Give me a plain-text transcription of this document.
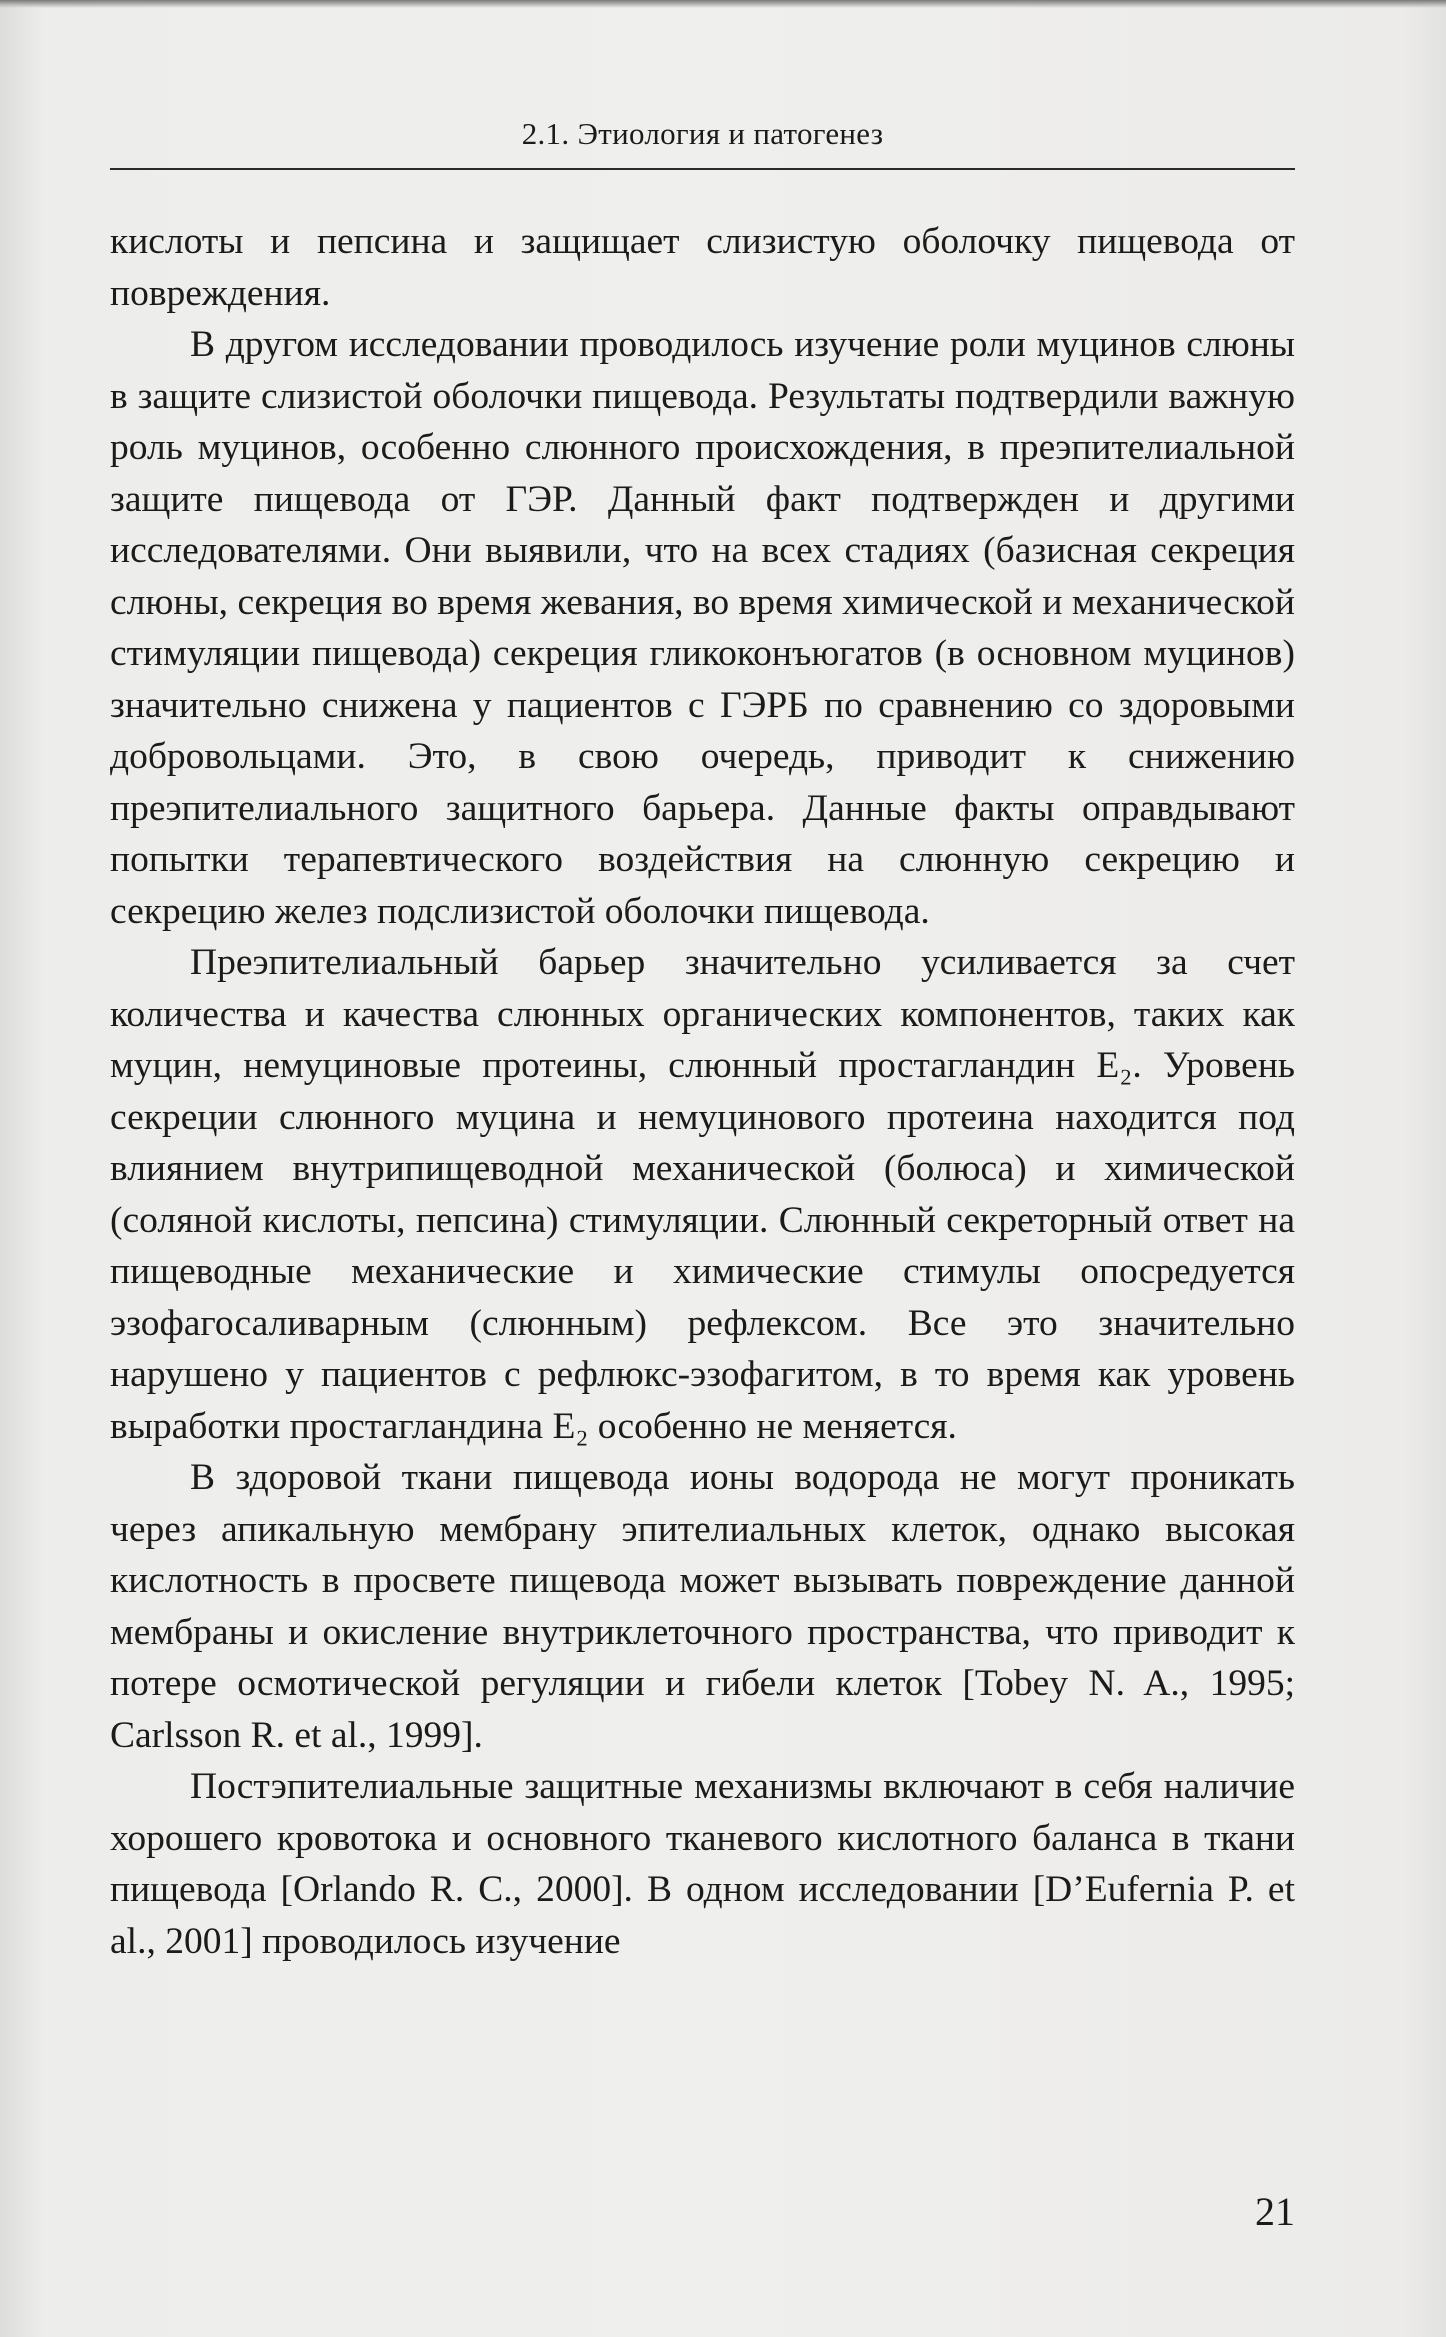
2.1. Этиология и патогенез

кислоты и пепсина и защищает слизистую оболочку пищевода от повреждения.

В другом исследовании проводилось изучение роли муцинов слюны в защите слизистой оболочки пищевода. Результаты подтвердили важную роль муцинов, особенно слюнного происхождения, в преэпителиальной защите пищевода от ГЭР. Данный факт подтвержден и другими исследователями. Они выявили, что на всех стадиях (базисная секреция слюны, секреция во время жевания, во время химической и механической стимуляции пищевода) секреция гликоконъюгатов (в основном муцинов) значительно снижена у пациентов с ГЭРБ по сравнению со здоровыми добровольцами. Это, в свою очередь, приводит к снижению преэпителиального защитного барьера. Данные факты оправдывают попытки терапевтического воздействия на слюнную секрецию и секрецию желез подслизистой оболочки пищевода.

Преэпителиальный барьер значительно усиливается за счет количества и качества слюнных органических компонентов, таких как муцин, немуциновые протеины, слюнный простагландин E₂. Уровень секреции слюнного муцина и немуцинового протеина находится под влиянием внутрипищеводной механической (болюса) и химической (соляной кислоты, пепсина) стимуляции. Слюнный секреторный ответ на пищеводные механические и химические стимулы опосредуется эзофагосаливарным (слюнным) рефлексом. Все это значительно нарушено у пациентов с рефлюкс-эзофагитом, в то время как уровень выработки простагландина E₂ особенно не меняется.

В здоровой ткани пищевода ионы водорода не могут проникать через апикальную мембрану эпителиальных клеток, однако высокая кислотность в просвете пищевода может вызывать повреждение данной мембраны и окисление внутриклеточного пространства, что приводит к потере осмотической регуляции и гибели клеток [Tobey N. A., 1995; Carlsson R. et al., 1999].

Постэпителиальные защитные механизмы включают в себя наличие хорошего кровотока и основного тканевого кислотного баланса в ткани пищевода [Orlando R. C., 2000]. В одном исследовании [D’Eufernia P. et al., 2001] проводилось изучение

21
